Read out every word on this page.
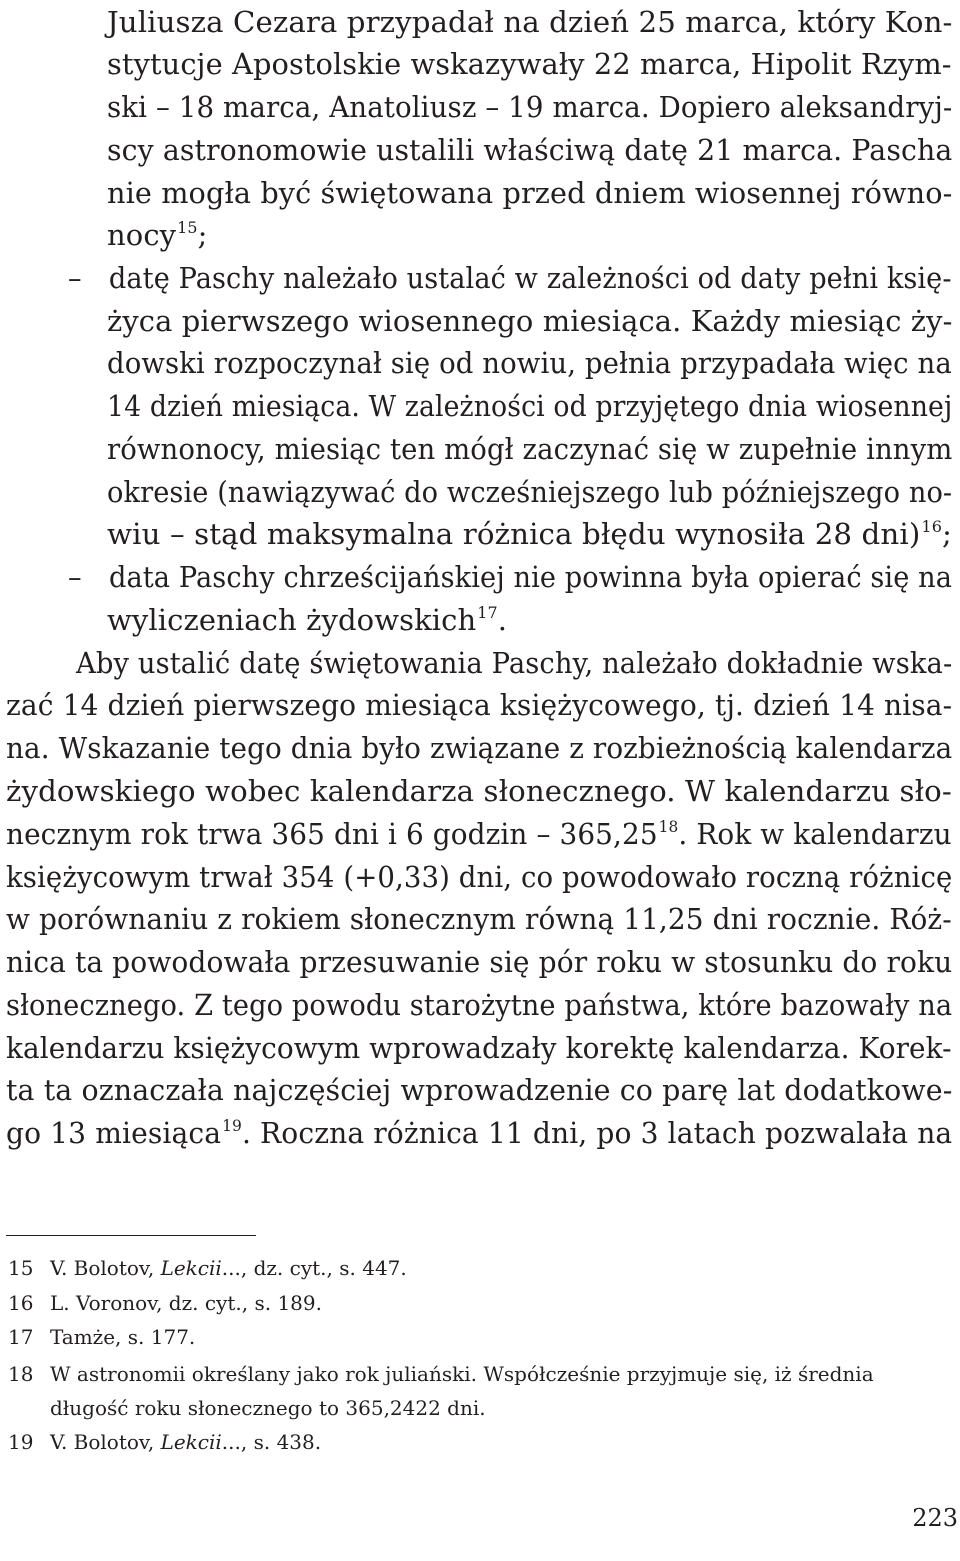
Juliusza Cezara przypadał na dzień 25 marca, który Kon-
stytucje Apostolskie wskazywały 22 marca, Hipolit Rzym-
ski – 18 marca, Anatoliusz – 19 marca. Dopiero aleksandryj-
scy astronomowie ustalili właściwą datę 21 marca. Pascha
nie mogła być świętowana przed dniem wiosennej równo-
nocy$^{15}$;
– datę Paschy należało ustalać w zależności od daty pełni księ-
życa pierwszego wiosennego miesiąca. Każdy miesiąc ży-
dowski rozpoczynał się od nowiu, pełnia przypadała więc na
14 dzień miesiąca. W zależności od przyjętego dnia wiosennej
równonocy, miesiąc ten mógł zaczynać się w zupełnie innym
okresie (nawiązywać do wcześniejszego lub późniejszego no-
wiu – stąd maksymalna różnica błędu wynosiła 28 dni)$^{16}$;
– data Paschy chrześcijańskiej nie powinna była opierać się na
wyliczeniach żydowskich$^{17}$.
Aby ustalić datę świętowania Paschy, należało dokładnie wska-
zać 14 dzień pierwszego miesiąca księżycowego, tj. dzień 14 nisa-
na. Wskazanie tego dnia było związane z rozbieżnością kalendarza
żydowskiego wobec kalendarza słonecznego. W kalendarzu sło-
necznym rok trwa 365 dni i 6 godzin – 365,25$^{18}$. Rok w kalendarzu
księżycowym trwał 354 (+0,33) dni, co powodowało roczną różnicę
w porównaniu z rokiem słonecznym równą 11,25 dni rocznie. Róż-
nica ta powodowała przesuwanie się pór roku w stosunku do roku
słonecznego. Z tego powodu starożytne państwa, które bazowały na
kalendarzu księżycowym wprowadzały korektę kalendarza. Korek-
ta ta oznaczała najczęściej wprowadzenie co parę lat dodatkowe-
go 13 miesiąca$^{19}$. Roczna różnica 11 dni, po 3 latach pozwalała na
15 V. Bolotov, Lekcii..., dz. cyt., s. 447.
16 L. Voronov, dz. cyt., s. 189.
17 Tamże, s. 177.
18 W astronomii określany jako rok juliański. Współcześnie przyjmuje się, iż średnia
długość roku słonecznego to 365,2422 dni.
19 V. Bolotov, Lekcii..., s. 438.
223
